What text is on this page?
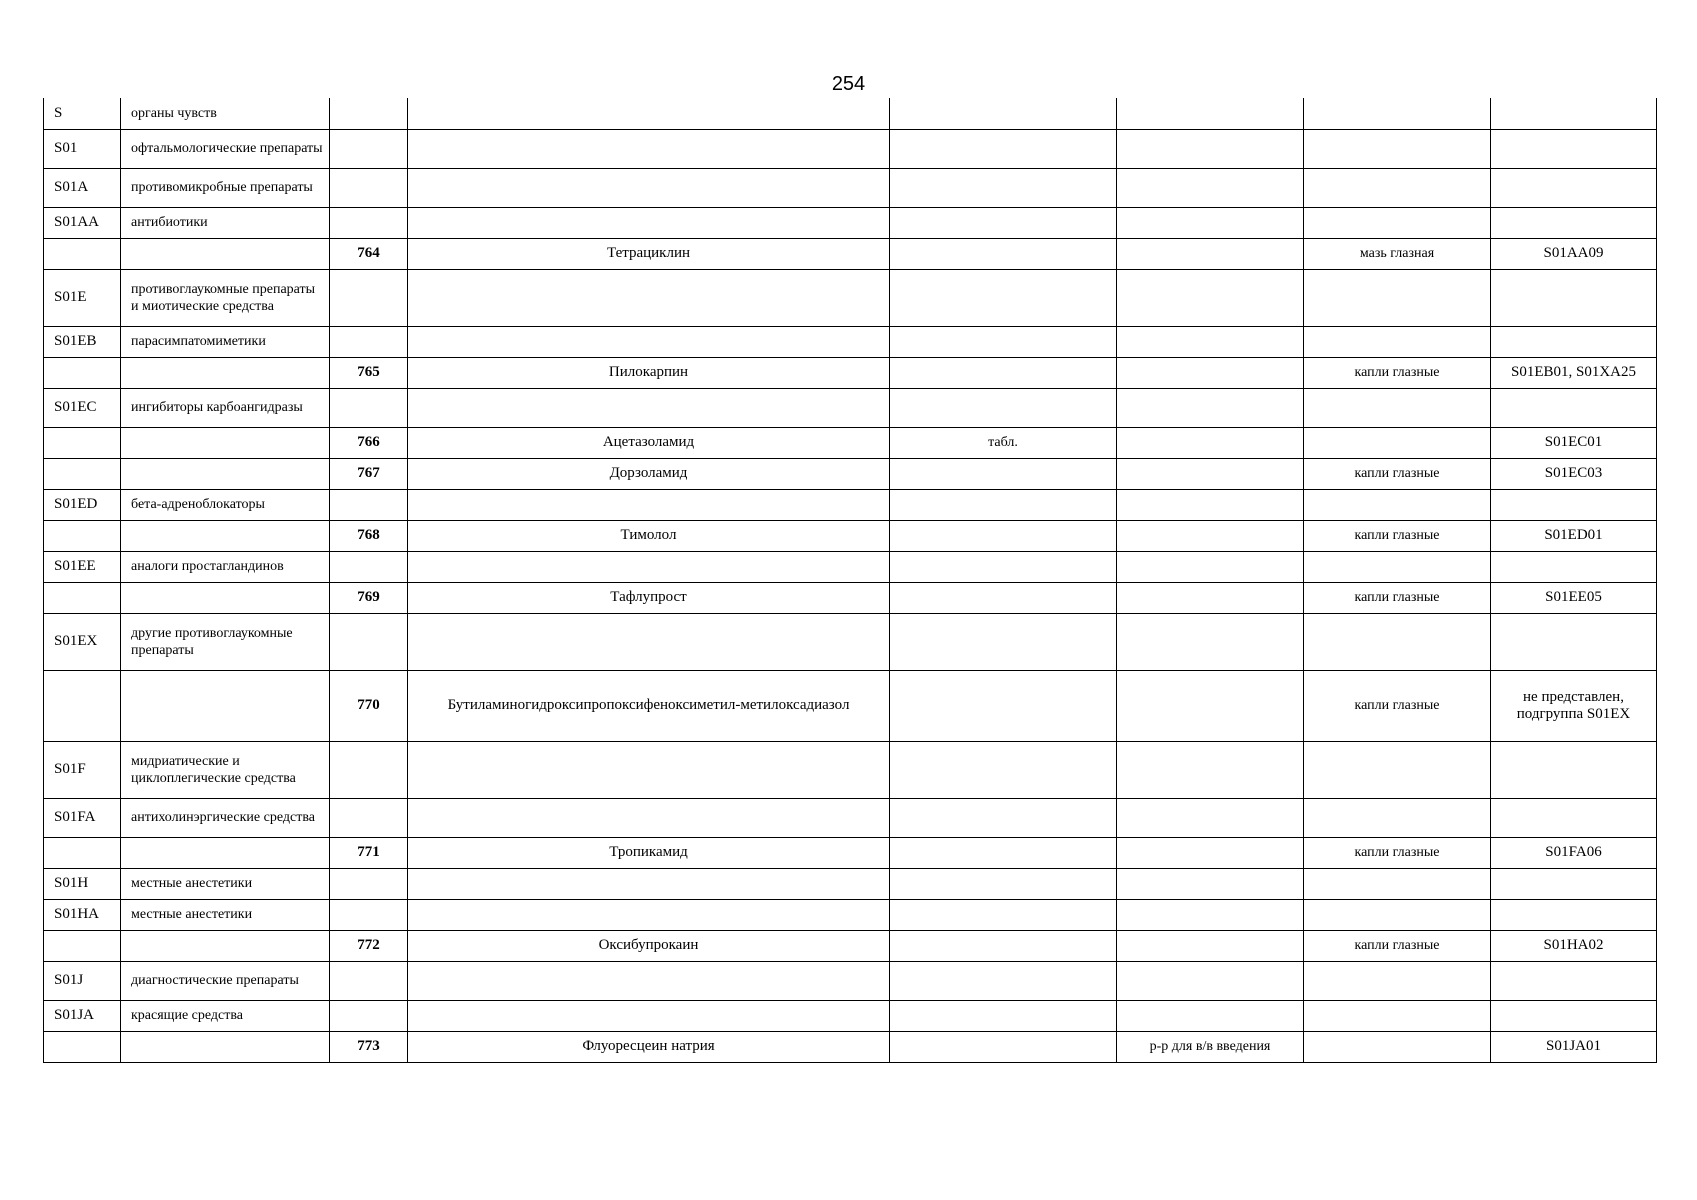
254
S	органы чувств						
S01	офтальмологические препараты						
S01A	противомикробные препараты						
S01AA	антибиотики						
		764	Тетрациклин			мазь глазная	S01AA09
S01E	противоглаукомные препараты и миотические средства						
S01EB	парасимпатомиметики						
		765	Пилокарпин			капли глазные	S01EB01, S01XA25
S01EC	ингибиторы карбоангидразы						
		766	Ацетазоламид	табл.			S01EC01
		767	Дорзоламид			капли глазные	S01EC03
S01ED	бета-адреноблокаторы						
		768	Тимолол			капли глазные	S01ED01
S01EE	аналоги простагландинов						
		769	Тафлупрост			капли глазные	S01EE05
S01EX	другие противоглаукомные препараты						
		770	Бутиламиногидроксипропоксифеноксиметил-метилоксадиазол			капли глазные	не представлен, подгруппа S01EX
S01F	мидриатические и циклоплегические средства						
S01FA	антихолинэргические средства						
		771	Тропикамид			капли глазные	S01FA06
S01H	местные анестетики						
S01HA	местные анестетики						
		772	Оксибупрокаин			капли глазные	S01HA02
S01J	диагностические препараты						
S01JA	красящие средства						
		773	Флуоресцеин натрия		р-р для в/в введения		S01JA01
